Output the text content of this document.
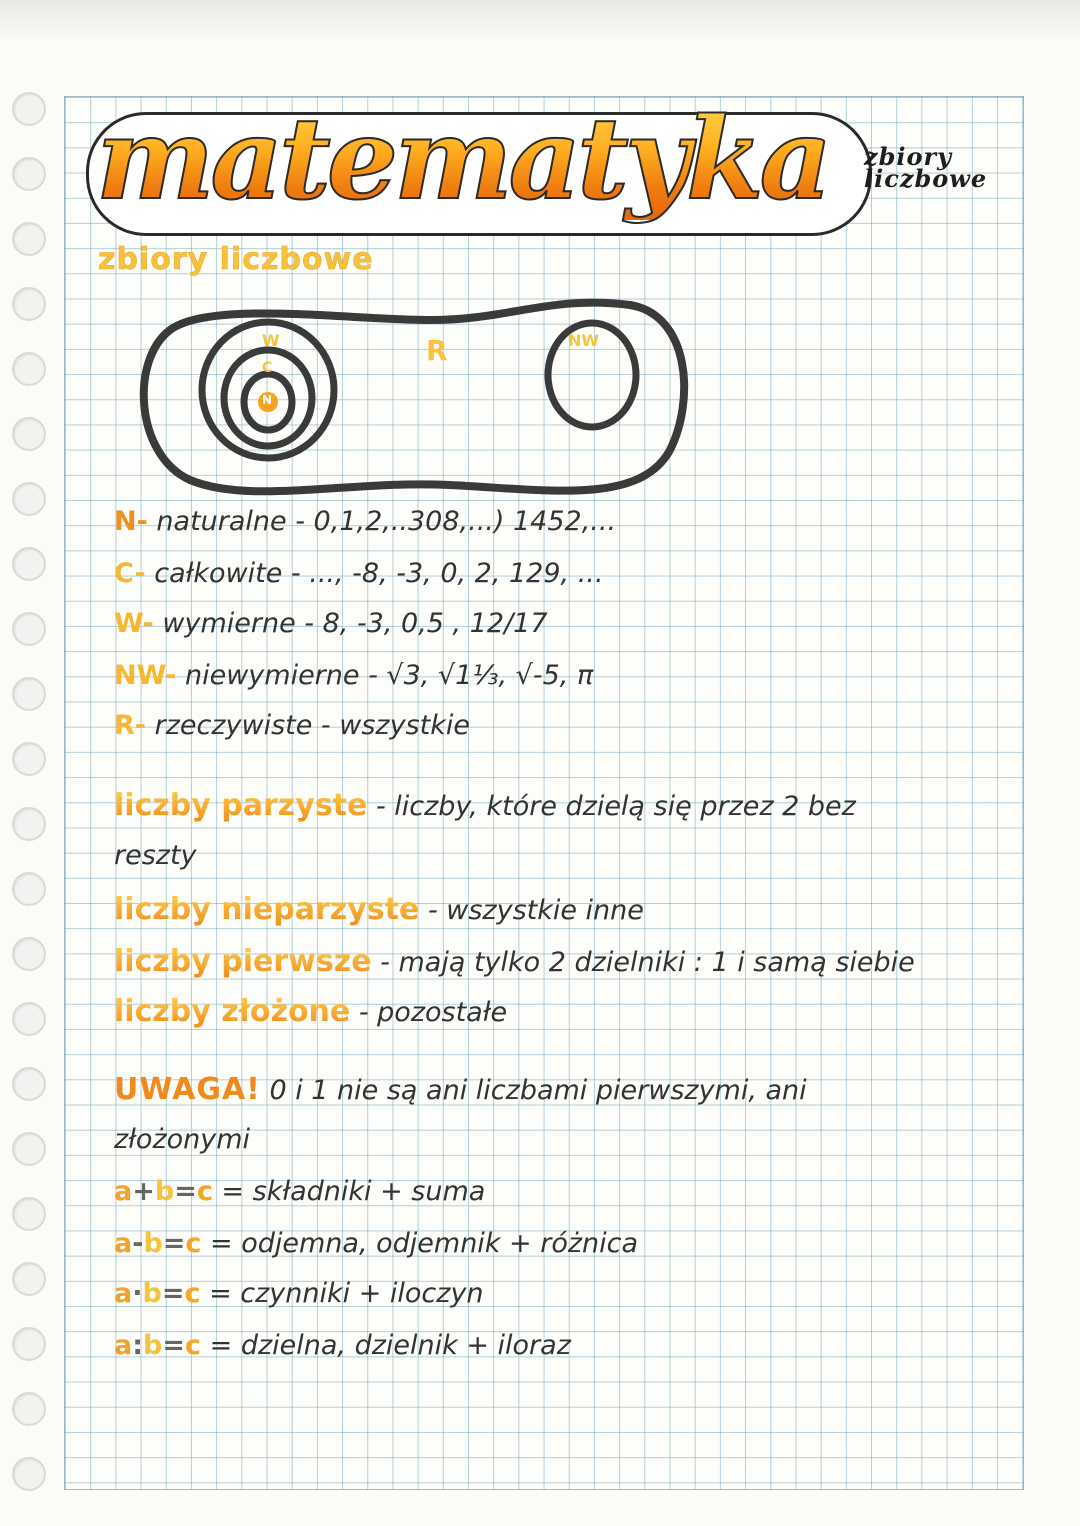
matematyka	zbiory liczbowe
zbiory liczbowe
W
C
N
R	NW
N- naturalne - 0,1,2,..308,...) 1452,...
C- całkowite - ..., -8, -3, 0, 2, 129, ...
W- wymierne - 8, -3, 0,5 , 12/17
NW- niewymierne - √3, √1⅓, √-5, π
R- rzeczywiste - wszystkie
liczby parzyste - liczby, które dzielą się przez 2 bez
reszty
liczby nieparzyste - wszystkie inne
liczby pierwsze - mają tylko 2 dzielniki : 1 i samą siebie
liczby złożone - pozostałe
UWAGA! 0 i 1 nie są ani liczbami pierwszymi, ani
złożonymi
a+b=c = składniki + suma
a-b=c = odjemna, odjemnik + różnica
a·b=c = czynniki + iloczyn
a:b=c = dzielna, dzielnik + iloraz
